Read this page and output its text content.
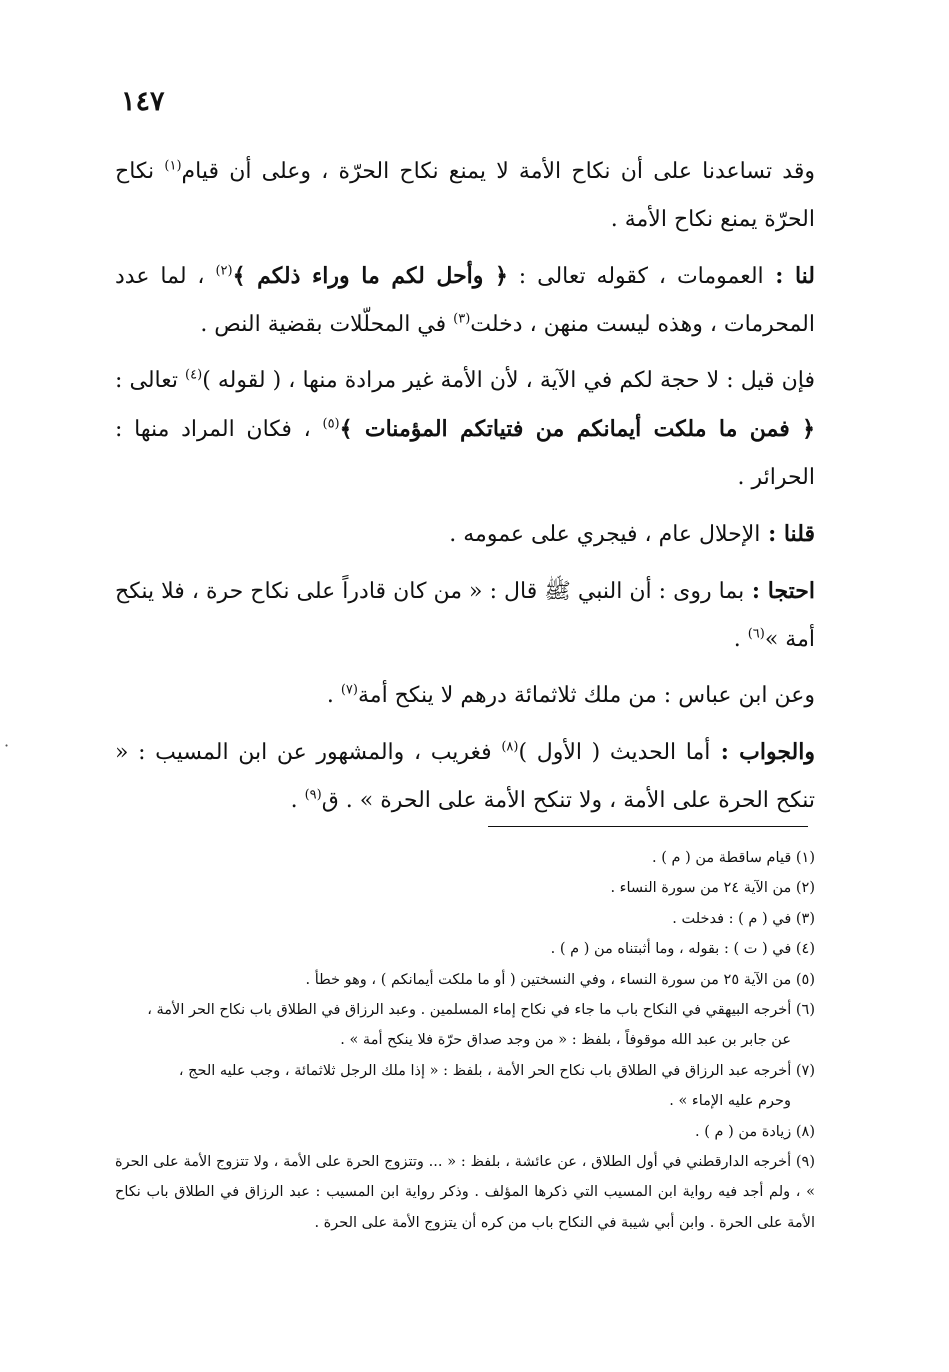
١٤٧
·

وقد تساعدنا على أن نكاح الأمة لا يمنع نكاح الحرّة ، وعلى أن قيام$^{(١)}$ نكاح الحرّة يمنع نكاح الأمة .

لنا : العمومات ، كقوله تعالى : ﴿ وأحل لكم ما وراء ذلكم ﴾$^{(٢)}$ ، لما عدد المحرمات ، وهذه ليست منهن ، دخلت$^{(٣)}$ في المحلّلات بقضية النص .

فإن قيل : لا حجة لكم في الآية ، لأن الأمة غير مرادة منها ، ( لقوله )$^{(٤)}$ تعالى : ﴿ فمن ما ملكت أيمانكم من فتياتكم المؤمنات ﴾$^{(٥)}$ ، فكان المراد منها : الحرائر .

قلنا : الإحلال عام ، فيجري على عمومه .

احتجا : بما روى : أن النبي ﷺ قال : « من كان قادراً على نكاح حرة ، فلا ينكح أمة »$^{(٦)}$ .

وعن ابن عباس : من ملك ثلاثمائة درهم لا ينكح أمة$^{(٧)}$ .

والجواب : أما الحديث ( الأول )$^{(٨)}$ فغريب ، والمشهور عن ابن المسيب : « تنكح الحرة على الأمة ، ولا تنكح الأمة على الحرة » . ق$^{(٩)}$ .

(١) قيام ساقطة من ( م ) .

(٢) من الآية ٢٤ من سورة النساء .

(٣) في ( م ) : فدخلت .

(٤) في ( ت ) : بقوله ، وما أثبتناه من ( م ) .

(٥) من الآية ٢٥ من سورة النساء ، وفي النسختين ( أو ما ملكت أيمانكم ) ، وهو خطأ .

(٦) أخرجه البيهقي في النكاح باب ما جاء في نكاح إماء المسلمين . وعبد الرزاق في الطلاق باب نكاح الحر الأمة ،

عن جابر بن عبد الله موقوفاً ، بلفظ : « من وجد صداق حرّة فلا ينكح أمة » .

(٧) أخرجه عبد الرزاق في الطلاق باب نكاح الحر الأمة ، بلفظ : « إذا ملك الرجل ثلاثمائة ، وجب عليه الحج ،

وحرم عليه الإماء » .

(٨) زيادة من ( م ) .

(٩) أخرجه الدارقطني في أول الطلاق ، عن عائشة ، بلفظ : « ... وتتزوج الحرة على الأمة ، ولا تتزوج الأمة على الحرة » ، ولم أجد فيه رواية ابن المسيب التي ذكرها المؤلف . وذكر رواية ابن المسيب : عبد الرزاق في الطلاق باب نكاح الأمة على الحرة . وابن أبي شيبة في النكاح باب من كره أن يتزوج الأمة على الحرة .
